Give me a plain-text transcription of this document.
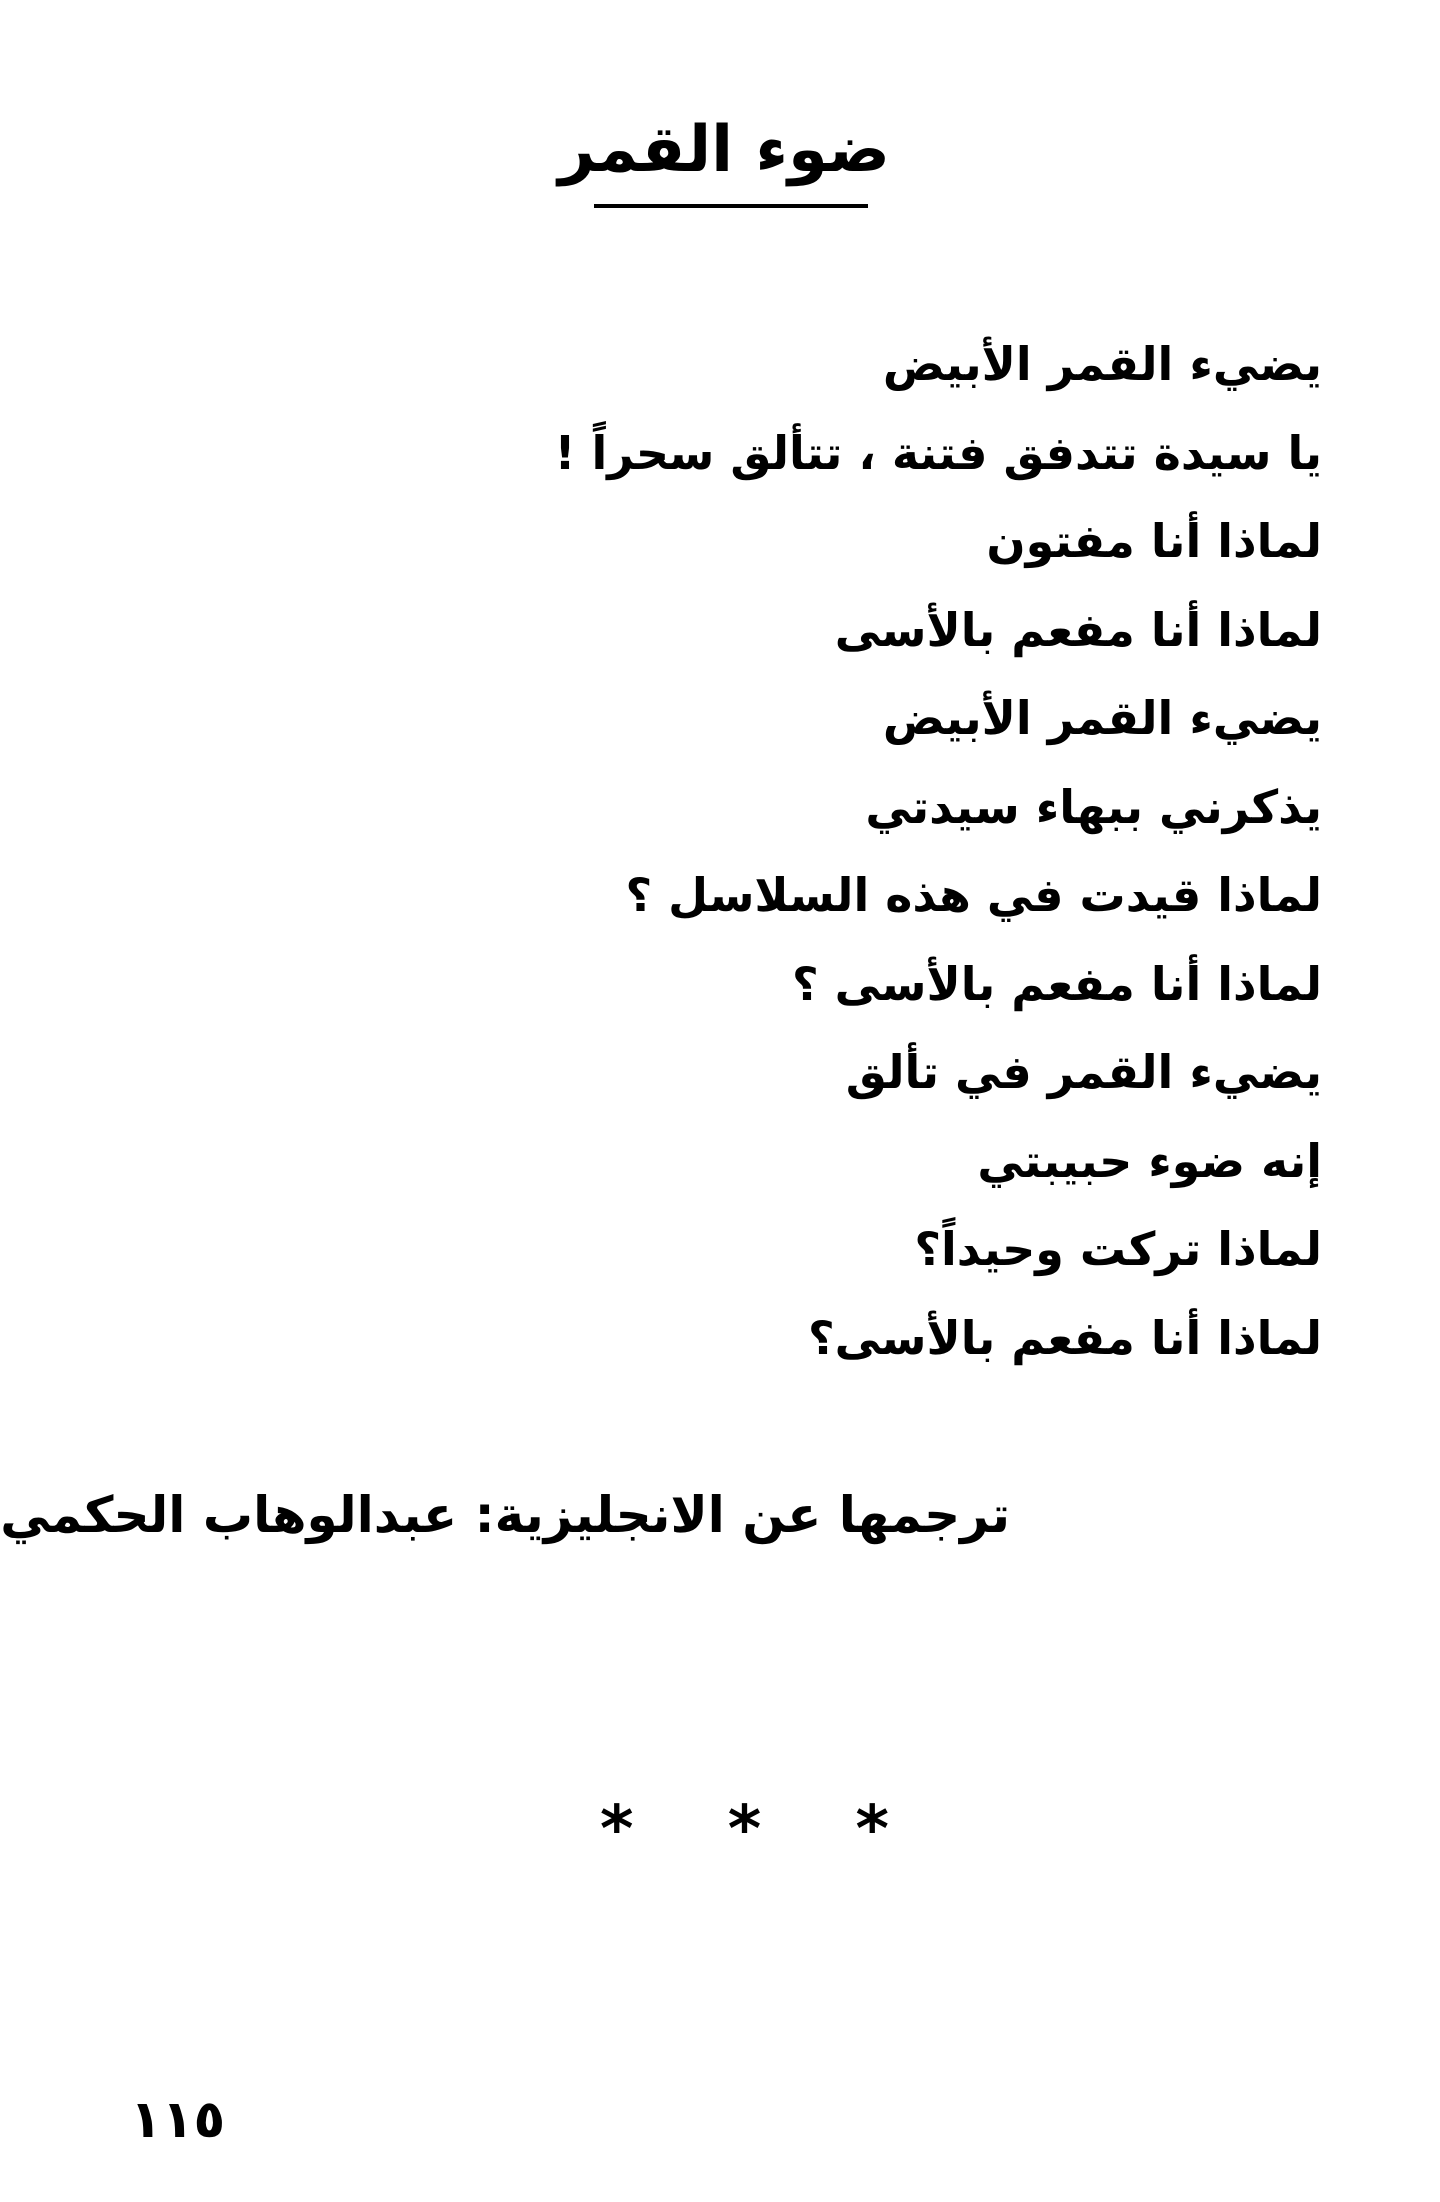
ضوء القمر
يضيء القمر الأبيض
يا سيدة تتدفق فتنة ، تتألق سحراً !
لماذا أنا مفتون
لماذا أنا مفعم بالأسى
يضيء القمر الأبيض
يذكرني ببهاء سيدتي
لماذا قيدت في هذه السلاسل ؟
لماذا أنا مفعم بالأسى ؟
يضيء القمر في تألق
إنه ضوء حبيبتي
لماذا تركت وحيداً؟
لماذا أنا مفعم بالأسى؟
ترجمها عن الانجليزية: عبدالوهاب الحكمي
* * *
١١٥
